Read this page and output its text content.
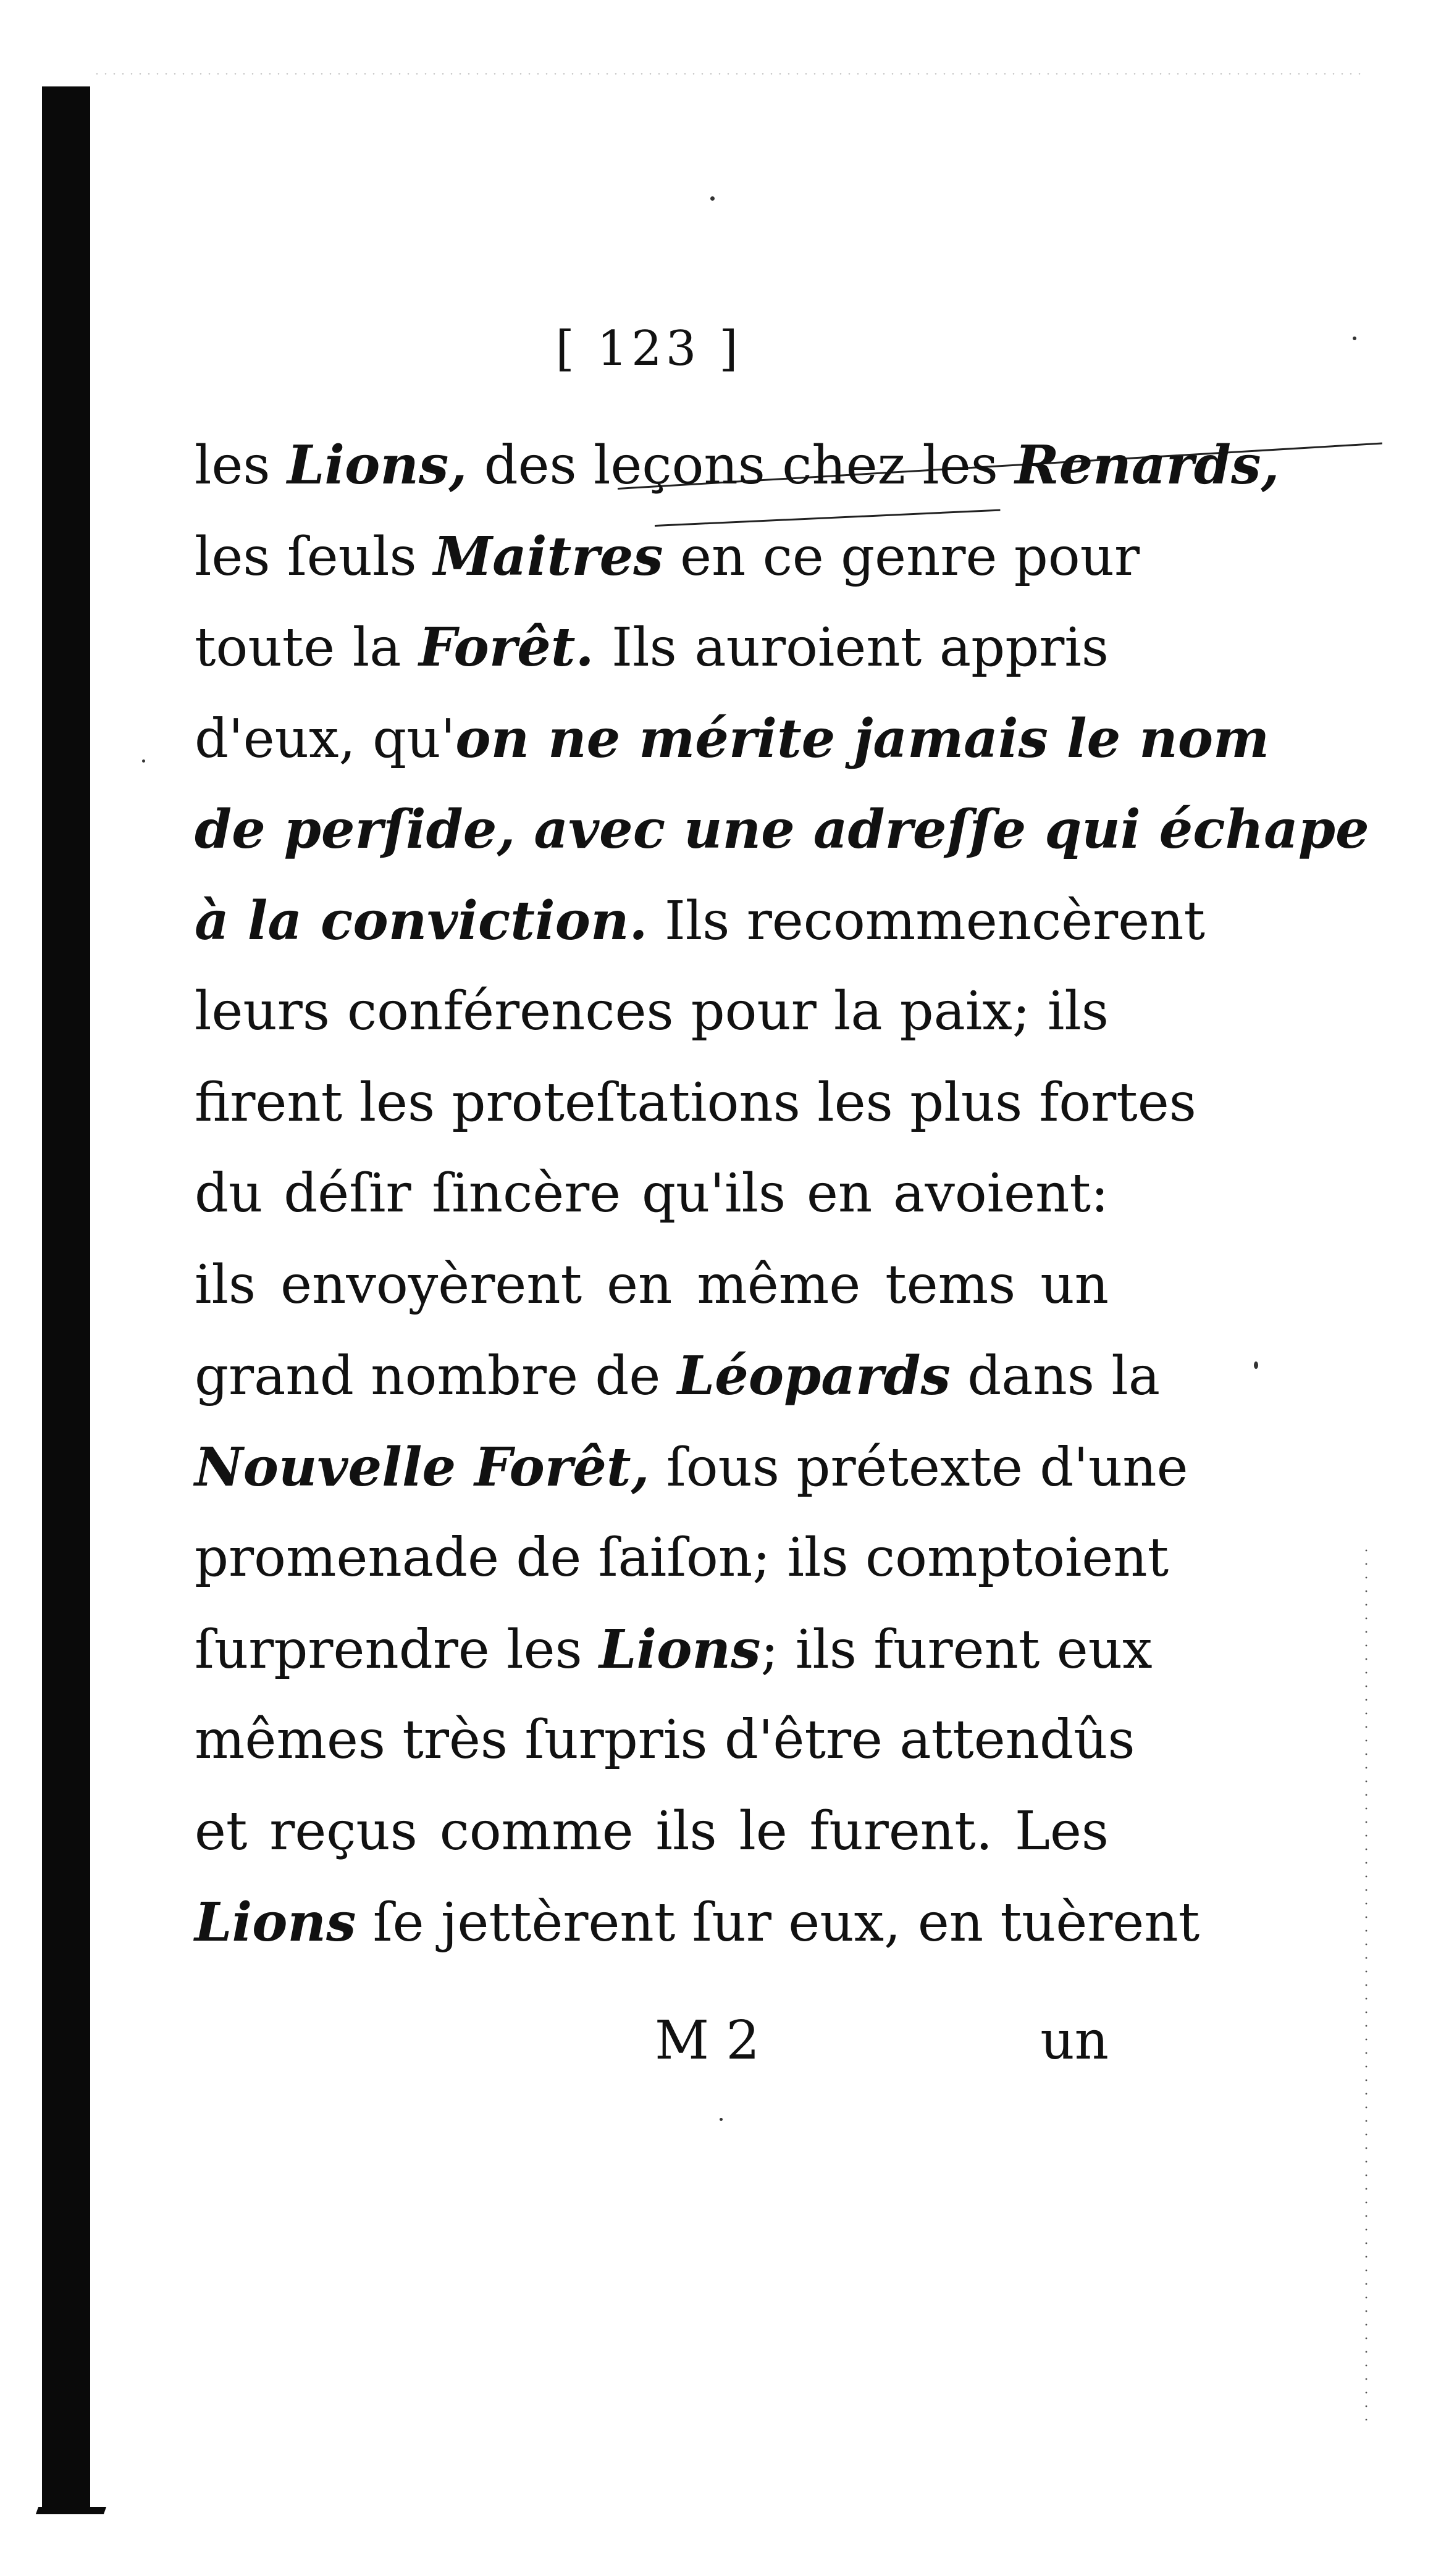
[ 123 ]
les Lions, des leçons chez les Renards,
les ſeuls Maitres en ce genre pour
toute la Forêt. Ils auroient appris
d'eux, qu'on ne mérite jamais le nom
de perſide, avec une adreſſe qui échape
à la conviction. Ils recommencèrent
leurs conférences pour la paix; ils
firent les proteſtations les plus fortes
du déſir ſincère qu'ils en avoient:
ils envoyèrent en même tems un
grand nombre de Léopards dans la
Nouvelle Forêt, ſous prétexte d'une
promenade de ſaiſon; ils comptoient
ſurprendre les Lions; ils furent eux
mêmes très ſurpris d'être attendûs
et reçus comme ils le furent. Les
Lions ſe jettèrent ſur eux, en tuèrent
M 2	un
